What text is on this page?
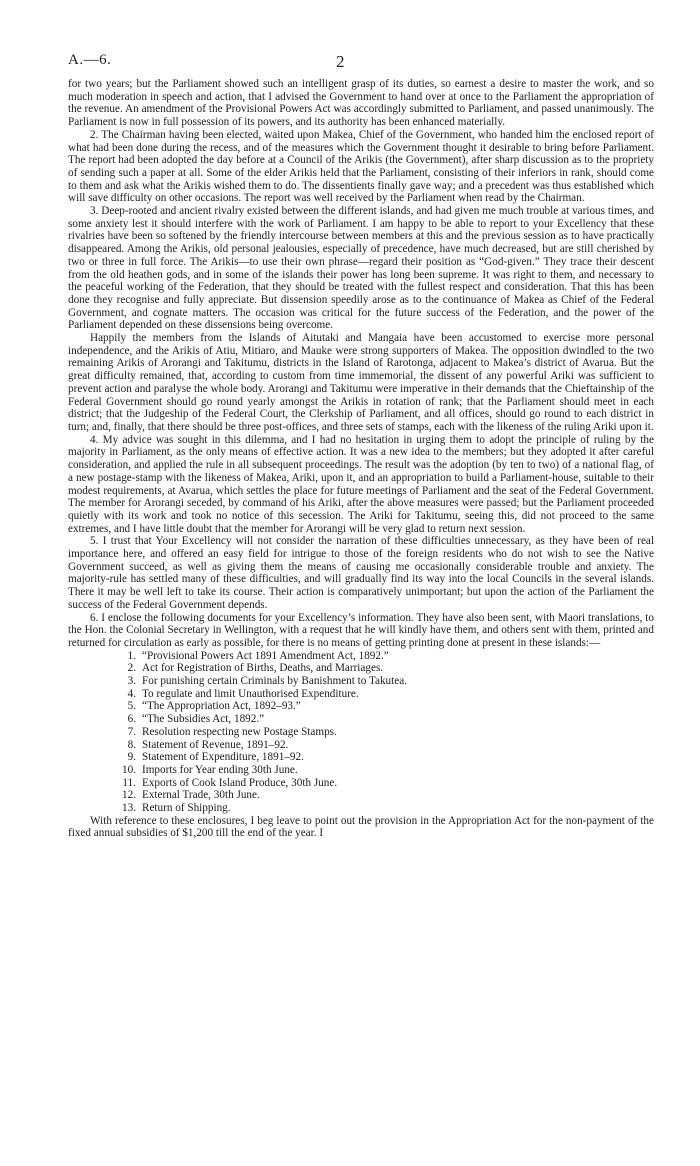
A.—6.	2

for two years; but the Parliament showed such an intelligent grasp of its duties, so earnest a desire to master the work, and so much moderation in speech and action, that I advised the Government to hand over at once to the Parliament the appropriation of the revenue. An amendment of the Provisional Powers Act was accordingly submitted to Parliament, and passed unanimously. The Parliament is now in full possession of its powers, and its authority has been enhanced materially.

2. The Chairman having been elected, waited upon Makea, Chief of the Government, who handed him the enclosed report of what had been done during the recess, and of the measures which the Government thought it desirable to bring before Parliament. The report had been adopted the day before at a Council of the Arikis (the Government), after sharp discussion as to the propriety of sending such a paper at all. Some of the elder Arikis held that the Parliament, consisting of their inferiors in rank, should come to them and ask what the Arikis wished them to do. The dissentients finally gave way; and a precedent was thus established which will save difficulty on other occasions. The report was well received by the Parliament when read by the Chairman.

3. Deep-rooted and ancient rivalry existed between the different islands, and had given me much trouble at various times, and some anxiety lest it should interfere with the work of Parliament. I am happy to be able to report to your Excellency that these rivalries have been so softened by the friendly intercourse between members at this and the previous session as to have practically disappeared. Among the Arikis, old personal jealousies, especially of precedence, have much decreased, but are still cherished by two or three in full force. The Arikis—to use their own phrase—regard their position as “God-given.” They trace their descent from the old heathen gods, and in some of the islands their power has long been supreme. It was right to them, and necessary to the peaceful working of the Federation, that they should be treated with the fullest respect and consideration. That this has been done they recognise and fully appreciate. But dissension speedily arose as to the continuance of Makea as Chief of the Federal Government, and cognate matters. The occasion was critical for the future success of the Federation, and the power of the Parliament depended on these dissensions being overcome.

Happily the members from the Islands of Aitutaki and Mangaia have been accustomed to exercise more personal independence, and the Arikis of Atiu, Mitiaro, and Mauke were strong supporters of Makea. The opposition dwindled to the two remaining Arikis of Arorangi and Takitumu, districts in the Island of Rarotonga, adjacent to Makea’s district of Avarua. But the great difficulty remained, that, according to custom from time immemorial, the dissent of any powerful Ariki was sufficient to prevent action and paralyse the whole body. Arorangi and Takitumu were imperative in their demands that the Chieftainship of the Federal Government should go round yearly amongst the Arikis in rotation of rank; that the Parliament should meet in each district; that the Judgeship of the Federal Court, the Clerkship of Parliament, and all offices, should go round to each district in turn; and, finally, that there should be three post-offices, and three sets of stamps, each with the likeness of the ruling Ariki upon it.

4. My advice was sought in this dilemma, and I had no hesitation in urging them to adopt the principle of ruling by the majority in Parliament, as the only means of effective action. It was a new idea to the members; but they adopted it after careful consideration, and applied the rule in all subsequent proceedings. The result was the adoption (by ten to two) of a national flag, of a new postage-stamp with the likeness of Makea, Ariki, upon it, and an appropriation to build a Parliament-house, suitable to their modest requirements, at Avarua, which settles the place for future meetings of Parliament and the seat of the Federal Government. The member for Arorangi seceded, by command of his Ariki, after the above measures were passed; but the Parliament proceeded quietly with its work and took no notice of this secession. The Ariki for Takitumu, seeing this, did not proceed to the same extremes, and I have little doubt that the member for Arorangi will be very glad to return next session.

5. I trust that Your Excellency will not consider the narration of these difficulties unnecessary, as they have been of real importance here, and offered an easy field for intrigue to those of the foreign residents who do not wish to see the Native Government succeed, as well as giving them the means of causing me occasionally considerable trouble and anxiety. The majority-rule has settled many of these difficulties, and will gradually find its way into the local Councils in the several islands. There it may be well left to take its course. Their action is comparatively unimportant; but upon the action of the Parliament the success of the Federal Government depends.

6. I enclose the following documents for your Excellency’s information. They have also been sent, with Maori translations, to the Hon. the Colonial Secretary in Wellington, with a request that he will kindly have them, and others sent with them, printed and returned for circulation as early as possible, for there is no means of getting printing done at present in these islands:—

1. “Provisional Powers Act 1891 Amendment Act, 1892.”
2. Act for Registration of Births, Deaths, and Marriages.
3. For punishing certain Criminals by Banishment to Takutea.
4. To regulate and limit Unauthorised Expenditure.
5. “The Appropriation Act, 1892–93.”
6. “The Subsidies Act, 1892.”
7. Resolution respecting new Postage Stamps.
8. Statement of Revenue, 1891–92.
9. Statement of Expenditure, 1891–92.
10. Imports for Year ending 30th June.
11. Exports of Cook Island Produce, 30th June.
12. External Trade, 30th June.
13. Return of Shipping.

With reference to these enclosures, I beg leave to point out the provision in the Appropriation Act for the non-payment of the fixed annual subsidies of $1,200 till the end of the year. I
